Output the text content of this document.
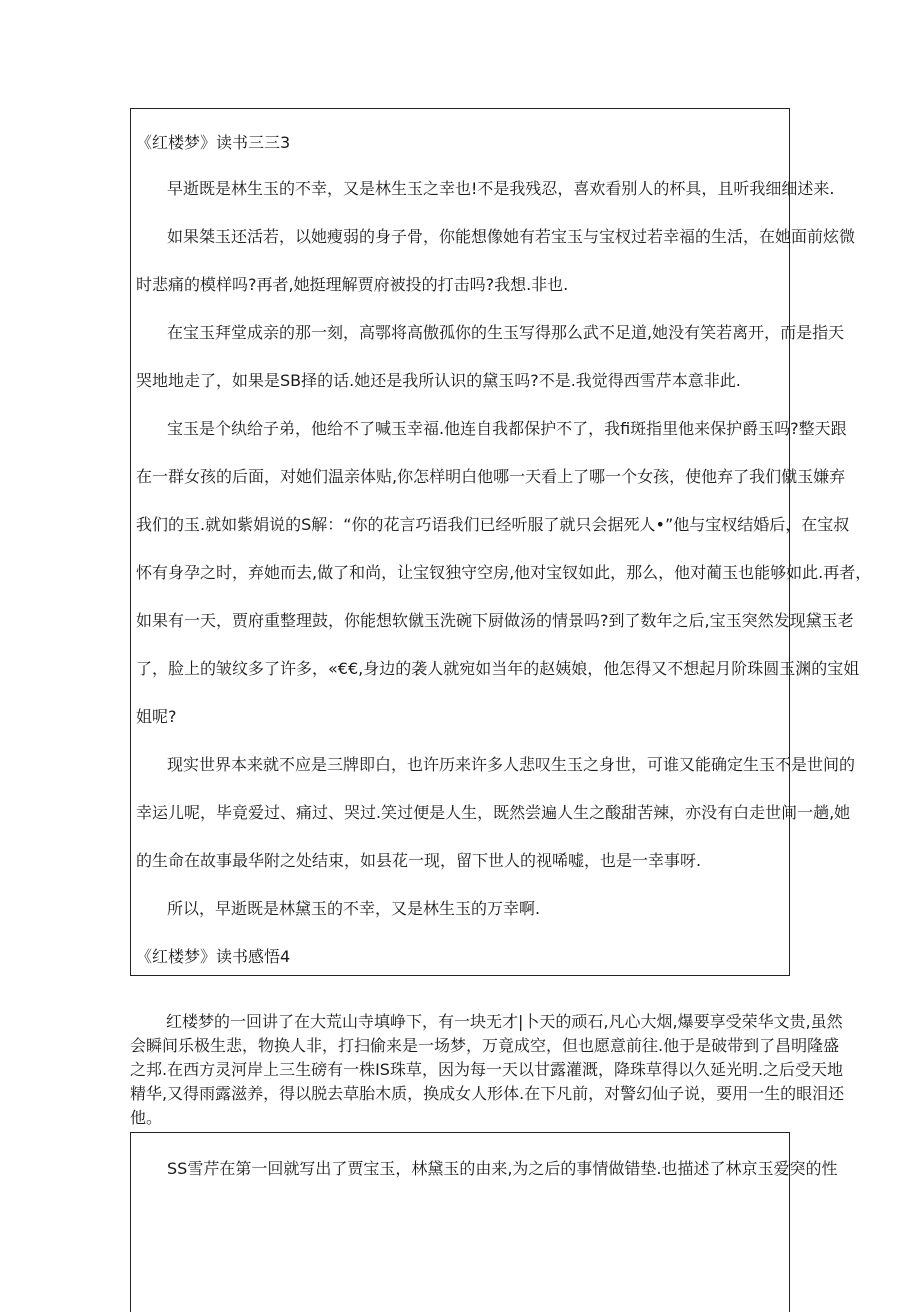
《红楼梦》读书三三3
早逝既是林生玉的不幸，又是林生玉之幸也!不是我残忍，喜欢看别人的杯具，且听我细细述来.
如果桀玉还活若，以她瘦弱的身子骨，你能想像她有若宝玉与宝杈过若幸福的生活，在她面前炫微
时悲痛的模样吗?再者,她挺理解贾府被投的打击吗?我想.非也.
在宝玉拜堂成亲的那一刻，高鄂将高傲孤你的生玉写得那么武不足道,她没有笑若离开，而是指天
哭地地走了，如果是SB择的话.她还是我所认识的黛玉吗?不是.我觉得西雪芹本意非此.
宝玉是个纨给子弟，他给不了喊玉幸福.他连自我都保护不了，我fi斑指里他来保护爵玉吗?整天跟
在一群女孩的后面，对她们温亲体贴,你怎样明白他哪一天看上了哪一个女孩，使他弃了我们僦玉嫌弃
我们的玉.就如紫娟说的S解：“你的花言巧语我们已经听服了就只会据死人•”他与宝杈结婚后，在宝叔
怀有身孕之时，弃她而去,做了和尚，让宝钗独守空房,他对宝钗如此，那么，他对蔺玉也能够如此.再者，
如果有一天，贾府重整理鼓，你能想软僦玉洗碗下厨做汤的情景吗?到了数年之后,宝玉突然发现黛玉老
了，脸上的皱纹多了许多，«€€,身边的袭人就宛如当年的赵姨娘，他怎得又不想起月阶珠圆玉渊的宝姐
姐呢?
现实世界本来就不应是三牌即白，也许历来许多人悲叹生玉之身世，可谁又能确定生玉不是世间的
幸运儿呢，毕竟爱过、痛过、哭过.笑过便是人生，既然尝遍人生之酸甜苦辣，亦没有白走世间一趟,她
的生命在故事最华附之处结束，如县花一现，留下世人的视唏嘘，也是一幸事呀.
所以，早逝既是林黛玉的不幸，又是林生玉的万幸啊.
《红楼梦》读书感悟4
红楼梦的一回讲了在大荒山寺填峥下，有一块无才|卜天的顽石,凡心大烟,爆要享受荣华文贵,虽然
会瞬间乐极生悲，物换人非，打扫偷来是一场梦，万竟成空，但也愿意前往.他于是破带到了昌明隆盛
之邦.在西方灵河岸上三生磅有一株IS珠草，因为每一天以甘露灌溉，降珠草得以久延光明.之后受天地
精华,又得雨露滋养，得以脱去草胎木质，换成女人形体.在下凡前，对警幻仙子说，要用一生的眼泪还
他。
SS雪芹在第一回就写出了贾宝玉，林黛玉的由来,为之后的事情做错垫.也描述了林京玉爱突的性
